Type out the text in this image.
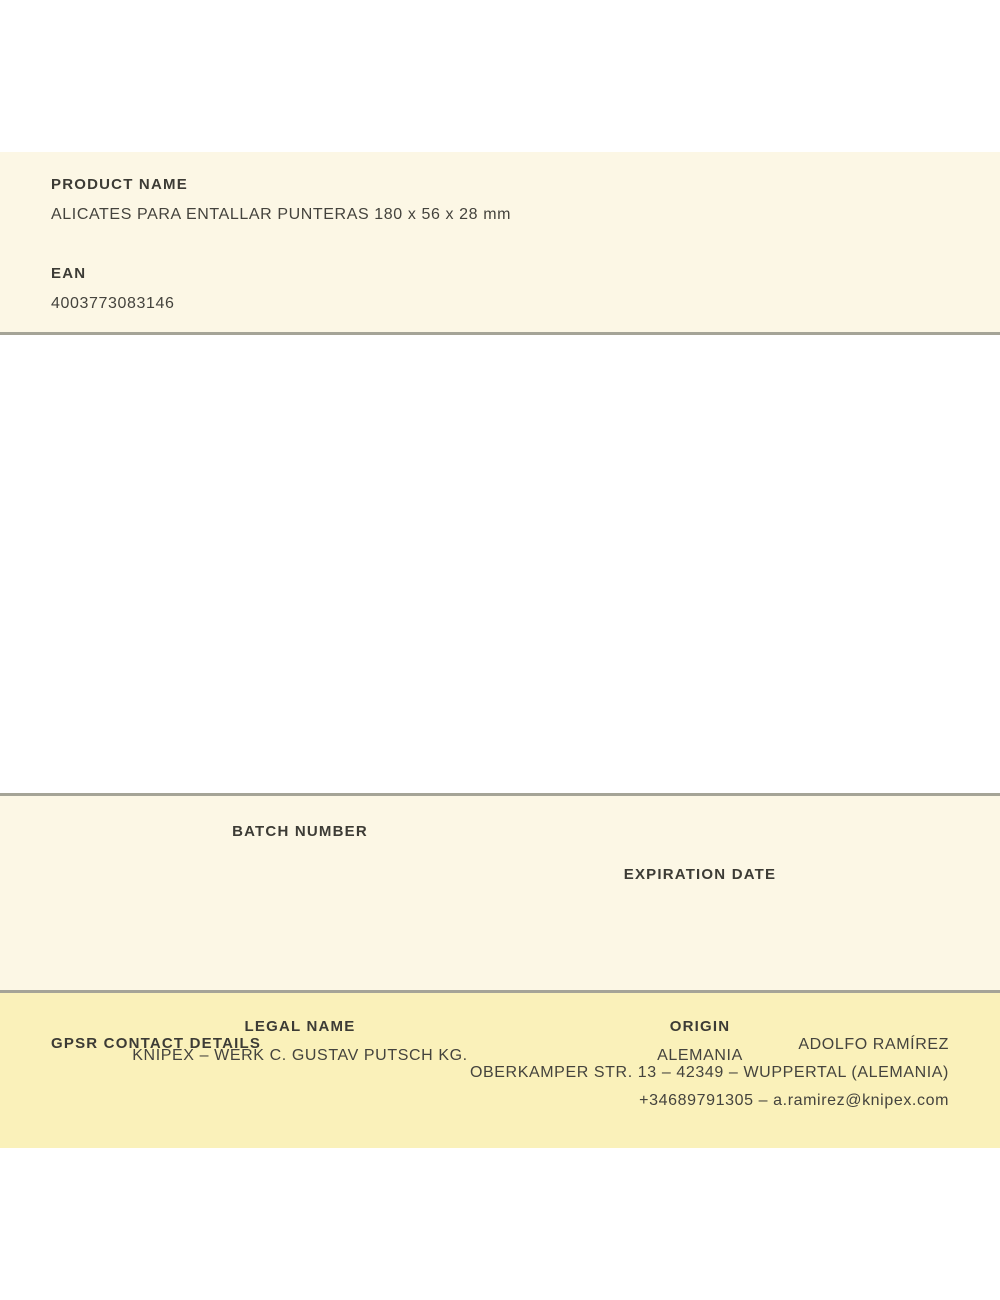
PRODUCT NAME
ALICATES PARA ENTALLAR PUNTERAS 180 x 56 x 28 mm
EAN
4003773083146
BATCH NUMBER
EXPIRATION DATE
LEGAL NAME
KNIPEX – WERK C. GUSTAV PUTSCH KG.
ORIGIN
ALEMANIA
GPSR CONTACT DETAILS	ADOLFO RAMÍREZ
OBERKAMPER STR. 13 – 42349 – WUPPERTAL (ALEMANIA)
+34689791305 – a.ramirez@knipex.com
